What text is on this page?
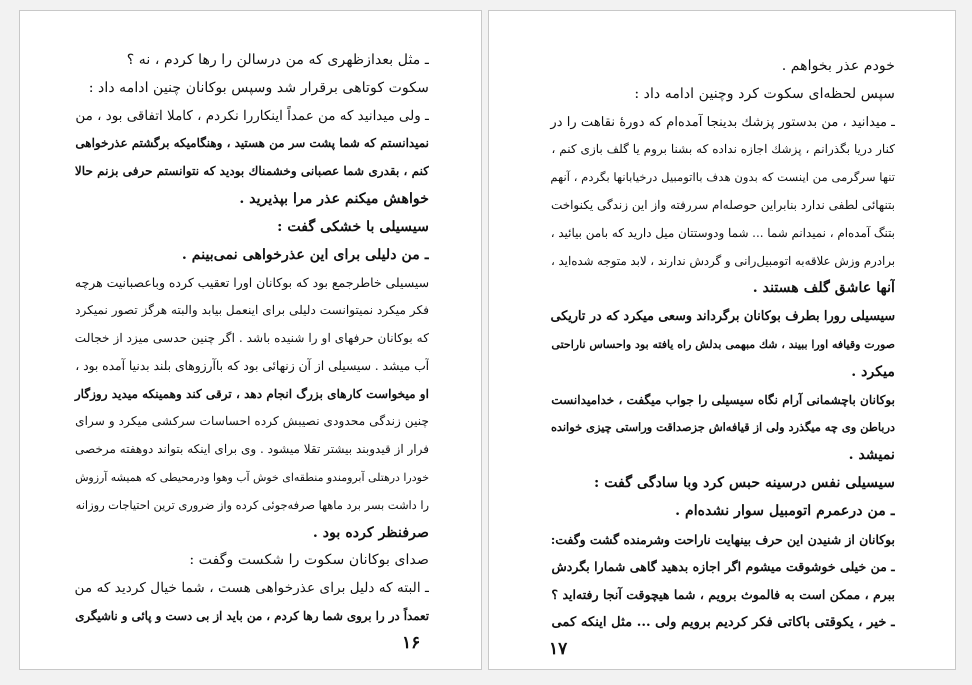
ـ مثل بعدازظهری که من درسالن را رها کردم ، نه ؟
سکوت کوتاهی برقرار شد وسپس بوکانان چنین ادامه داد :
ـ ولی میدانید که من عمداً اینکاررا نکردم ، کاملا اتفاقی بود ، من
نمیدانستم که شما پشت سر من هستید ، وهنگامیکه برگشتم عذرخواهی
کنم ، بقدری شما عصبانی وخشمناك بودید که نتوانستم حرفی بزنم حالا
خواهش میکنم عذر مرا بپذیرید .
سیسیلی با خشکی گفت :
ـ من دلیلی برای این عذرخواهی نمی‌بینم .
سیسیلی خاطرجمع بود که بوکانان اورا تعقیب کرده وباعصبانیت هرچه
فکر میکرد نمیتوانست دلیلی برای اینعمل بیابد والبته هرگز تصور نمیکرد
که بوکانان حرفهای او را شنیده باشد . اگر چنین حدسی میزد از خجالت
آب میشد . سیسیلی از آن زنهائی بود که باآرزوهای بلند بدنیا آمده بود ،
او میخواست کارهای بزرگ انجام دهد ، ترقی کند وهمینکه میدید روزگار
چنین زندگی محدودی نصیبش کرده احساسات سرکشی میکرد و سرای
فرار از قیدوبند بیشتر تقلا میشود . وی برای اینکه بتواند دوهفته مرخصی
خودرا درهتلی آبرومندو منطقه‌ای خوش آب وهوا ودرمحیطی که همیشه آرزوش
را داشت بسر برد ماهها صرفه‌جوئی کرده واز ضروری ترین احتیاجات روزانه
صرفنظر کرده بود .
صدای بوکانان سکوت را شکست وگفت :
ـ البته که دلیل برای عذرخواهی هست ، شما خیال کردید که من
تعمداً در را بروی شما رها کردم ، من باید از بی دست و پائی و ناشیگری
۱۶
خودم عذر بخواهم .
سپس لحظه‌ای سکوت کرد وچنین ادامه داد :
ـ میدانید ، من بدستور پزشك بدینجا آمده‌ام که دورهٔ نقاهت را در
کنار دریا بگذرانم ، پزشك اجازه نداده که بشنا بروم یا گلف بازی کنم ،
تنها سرگرمی من اینست که بدون هدف بااتومبیل درخیابانها بگردم ، آنهم
بتنهائی لطفی ندارد بنابراین حوصله‌ام سررفته واز این زندگی یکنواخت
بتنگ آمده‌ام ، نمیدانم شما ... شما ودوستتان میل دارید که بامن بیائید ،
برادرم وزش علاقه‌به اتومبیل‌رانی و گردش ندارند ، لابد متوجه شده‌اید ،
آنها عاشق گلف هستند .
سیسیلی رورا بطرف بوکانان برگرداند وسعی میکرد که در تاریکی
صورت وقیافه اورا ببیند ، شك مبهمی بدلش راه یافته بود واحساس ناراحتی
میکرد .
بوکانان باچشمانی آرام نگاه سیسیلی را جواب میگفت ، خدامیدانست
درباطن وی چه میگذرد ولی از قیافه‌اش جزصداقت وراستی چیزی خوانده
نمیشد .
سیسیلی نفس درسینه حبس کرد وبا سادگی گفت :
ـ من درعمرم اتومبیل سوار نشده‌ام .
بوکانان از شنیدن این حرف بینهایت ناراحت وشرمنده گشت وگفت:
ـ من خیلی خوشوقت میشوم اگر اجازه بدهید گاهی شمارا بگردش
ببرم ، ممکن است به فالموث برویم ، شما هیچوقت آنجا رفته‌اید ؟
ـ خیر ، یکوقتی باکاتی فکر کردیم برویم ولی ... مثل اینکه کمی
۱۷
